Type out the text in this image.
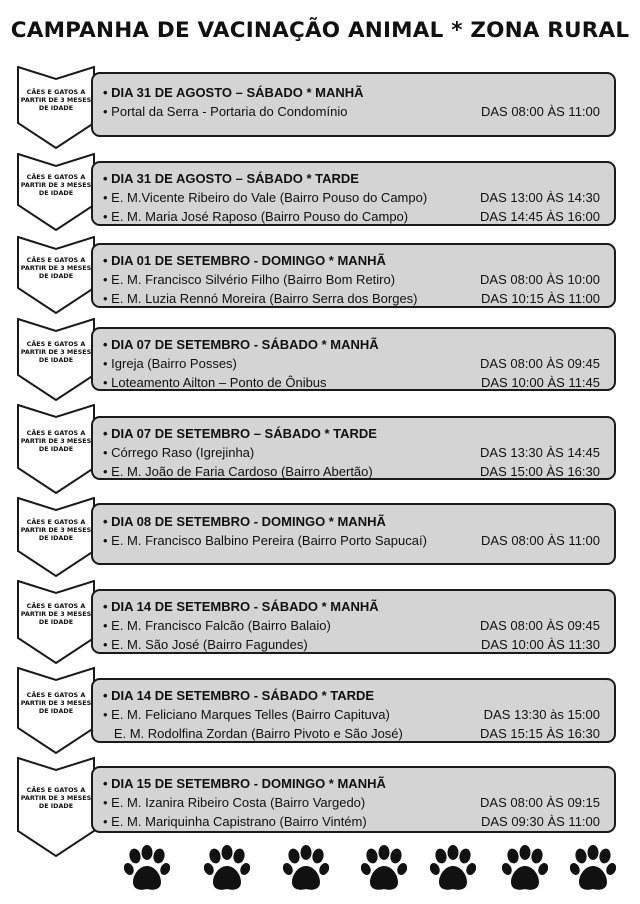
CAMPANHA DE VACINAÇÃO ANIMAL * ZONA RURAL
CÃES E GATOS A
PARTIR DE 3 MESES
DE IDADE
• DIA 31 DE AGOSTO – SÁBADO * MANHÃ
• Portal da Serra - Portaria do Condomínio	DAS 08:00 ÀS 11:00
CÃES E GATOS A
PARTIR DE 3 MESES
DE IDADE
• DIA 31 DE AGOSTO – SÁBADO * TARDE
• E. M.Vicente Ribeiro do Vale (Bairro Pouso do Campo)	DAS 13:00 ÀS 14:30
• E. M. Maria José Raposo (Bairro Pouso do Campo)	DAS 14:45 ÀS 16:00
CÃES E GATOS A
PARTIR DE 3 MESES
DE IDADE
• DIA 01 DE SETEMBRO - DOMINGO * MANHÃ
• E. M. Francisco Silvério Filho (Bairro Bom Retiro)	DAS 08:00 ÀS 10:00
• E. M. Luzia Rennó Moreira (Bairro Serra dos Borges)	DAS 10:15 ÀS 11:00
CÃES E GATOS A
PARTIR DE 3 MESES
DE IDADE
• DIA 07 DE SETEMBRO - SÁBADO * MANHÃ
• Igreja (Bairro Posses)	DAS 08:00 ÀS 09:45
• Loteamento Ailton – Ponto de Ônibus	DAS 10:00 ÀS 11:45
CÃES E GATOS A
PARTIR DE 3 MESES
DE IDADE
• DIA 07 DE SETEMBRO – SÁBADO * TARDE
• Córrego Raso (Igrejinha)	DAS 13:30 ÀS 14:45
• E. M. João de Faria Cardoso (Bairro Abertão)	DAS 15:00 ÀS 16:30
CÃES E GATOS A
PARTIR DE 3 MESES
DE IDADE
• DIA 08 DE SETEMBRO - DOMINGO * MANHÃ
• E. M. Francisco Balbino Pereira (Bairro Porto Sapucaí)	DAS 08:00 ÀS 11:00
CÃES E GATOS A
PARTIR DE 3 MESES
DE IDADE
• DIA 14 DE SETEMBRO - SÁBADO * MANHÃ
• E. M. Francisco Falcão (Bairro Balaio)	DAS 08:00 ÀS 09:45
• E. M. São José (Bairro Fagundes)	DAS 10:00 ÀS 11:30
CÃES E GATOS A
PARTIR DE 3 MESES
DE IDADE
• DIA 14 DE SETEMBRO - SÁBADO * TARDE
• E. M. Feliciano Marques Telles (Bairro Capituva)	DAS 13:30 às 15:00
E. M. Rodolfina Zordan (Bairro Pivoto e São José)	DAS 15:15 ÀS 16:30
CÃES E GATOS A
PARTIR DE 3 MESES
DE IDADE
• DIA 15 DE SETEMBRO - DOMINGO * MANHÃ
• E. M. Izanira Ribeiro Costa (Bairro Vargedo)	DAS 08:00 ÀS 09:15
• E. M. Mariquinha Capistrano (Bairro Vintém)	DAS 09:30 ÀS 11:00
